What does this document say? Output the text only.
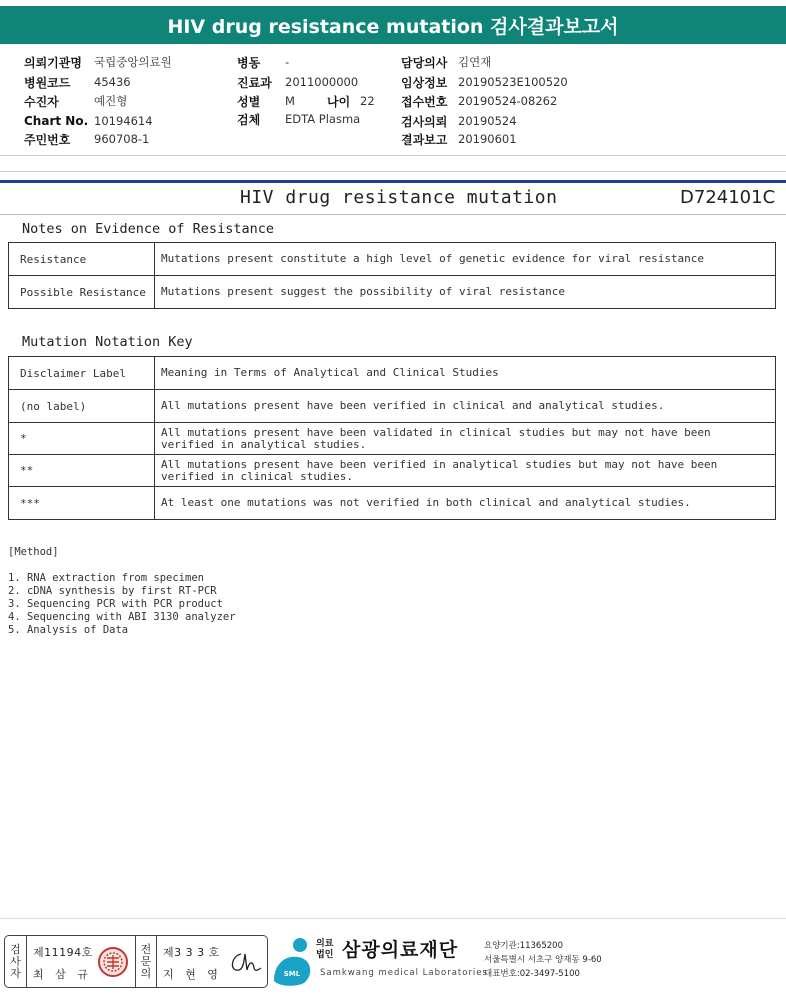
HIV drug resistance mutation 검사결과보고서
의뢰기관명	국립중앙의료원
병원코드	45436
수진자	예진형
Chart No. 10194614
주민번호	960708-1
병동	-
진료과	2011000000
성별	M	나이 22
검체	EDTA Plasma
담당의사 김연재
임상정보 20190523E100520
접수번호 20190524-08262
검사의뢰 20190524
결과보고 20190601
HIV drug resistance mutation	D724101C
Notes on Evidence of Resistance
Resistance	Mutations present constitute a high level of genetic evidence for viral resistance
Possible Resistance	Mutations present suggest the possibility of viral resistance
Mutation Notation Key
Disclaimer Label	Meaning in Terms of Analytical and Clinical Studies
(no label)	All mutations present have been verified in clinical and analytical studies.
*	All mutations present have been validated in clinical studies but may not have been verified in analytical studies.
**	All mutations present have been verified in analytical studies but may not have been verified in clinical studies.
***	At least one mutations was not verified in both clinical and analytical studies.
[Method]
1. RNA extraction from specimen
2. cDNA synthesis by first RT-PCR
3. Sequencing PCR with PCR product
4. Sequencing with ABI 3130 analyzer
5. Analysis of Data
검
사
자
제11194호
최 삼 규
전
문
의
제3 3 3 호
지 현 영	SML
의료
법인 삼광의료재단
Samkwang medical Laboratories
요양기관:11365200
서울특별시 서초구 양재동 9-60
대표번호:02-3497-5100
